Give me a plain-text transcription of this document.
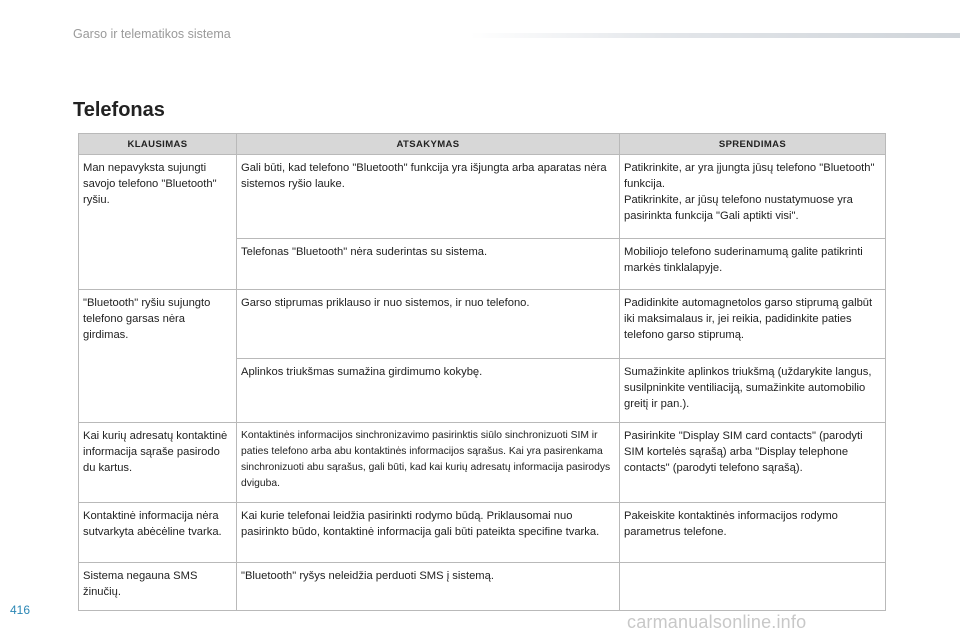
Garso ir telematikos sistema
Telefonas
KLAUSIMAS	ATSAKYMAS	SPRENDIMAS
Man nepavyksta sujungti savojo telefono "Bluetooth" ryšiu.	Gali būti, kad telefono "Bluetooth" funkcija yra išjungta arba aparatas nėra sistemos ryšio lauke.	Patikrinkite, ar yra įjungta jūsų telefono "Bluetooth" funkcija.
Patikrinkite, ar jūsų telefono nustatymuose yra pasirinkta funkcija "Gali aptikti visi".
	Telefonas "Bluetooth" nėra suderintas su sistema.	Mobiliojo telefono suderinamumą galite patikrinti markės tinklalapyje.
"Bluetooth" ryšiu sujungto telefono garsas nėra girdimas.	Garso stiprumas priklauso ir nuo sistemos, ir nuo telefono.	Padidinkite automagnetolos garso stiprumą galbūt iki maksimalaus ir, jei reikia, padidinkite paties telefono garso stiprumą.
	Aplinkos triukšmas sumažina girdimumo kokybę.	Sumažinkite aplinkos triukšmą (uždarykite langus, susilpninkite ventiliaciją, sumažinkite automobilio greitį ir pan.).
Kai kurių adresatų kontaktinė informacija sąraše pasirodo du kartus.	Kontaktinės informacijos sinchronizavimo pasirinktis siūlo sinchronizuoti SIM ir paties telefono arba abu kontaktinės informacijos sąrašus. Kai yra pasirenkama sinchronizuoti abu sąrašus, gali būti, kad kai kurių adresatų informacija pasirodys dviguba.	Pasirinkite "Display SIM card contacts" (parodyti SIM kortelės sąrašą) arba "Display telephone contacts" (parodyti telefono sąrašą).
Kontaktinė informacija nėra sutvarkyta abėcėline tvarka.	Kai kurie telefonai leidžia pasirinkti rodymo būdą. Priklausomai nuo pasirinkto būdo, kontaktinė informacija gali būti pateikta specifine tvarka.	Pakeiskite kontaktinės informacijos rodymo parametrus telefone.
Sistema negauna SMS žinučių.	"Bluetooth" ryšys neleidžia perduoti SMS į sistemą.	
416
carmanualsonline.info
